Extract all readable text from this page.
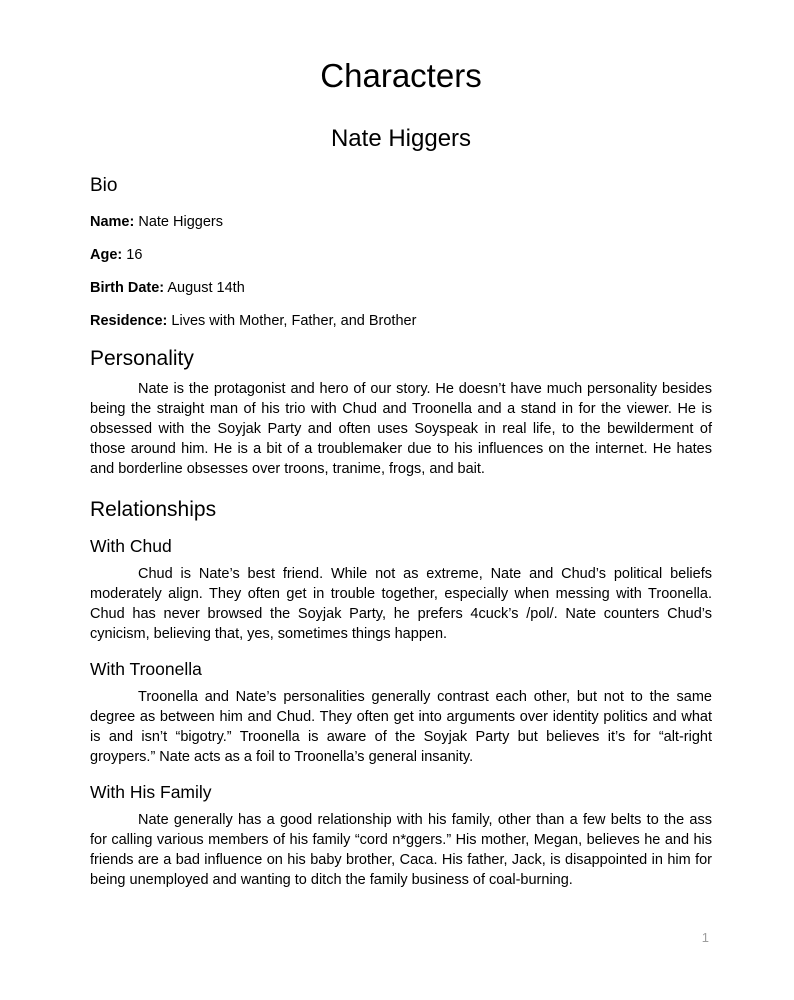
Characters
Nate Higgers
Bio
Name: Nate Higgers
Age: 16
Birth Date: August 14th
Residence: Lives with Mother, Father, and Brother
Personality

Nate is the protagonist and hero of our story. He doesn’t have much personality besides being the straight man of his trio with Chud and Troonella and a stand in for the viewer. He is obsessed with the Soyjak Party and often uses Soyspeak in real life, to the bewilderment of those around him. He is a bit of a troublemaker due to his influences on the internet. He hates and borderline obsesses over troons, tranime, frogs, and bait.

Relationships
With Chud

Chud is Nate’s best friend. While not as extreme, Nate and Chud’s political beliefs moderately align. They often get in trouble together, especially when messing with Troonella. Chud has never browsed the Soyjak Party, he prefers 4cuck’s /pol/. Nate counters Chud’s cynicism, believing that, yes, sometimes things happen.

With Troonella

Troonella and Nate’s personalities generally contrast each other, but not to the same degree as between him and Chud. They often get into arguments over identity politics and what is and isn’t “bigotry.” Troonella is aware of the Soyjak Party but believes it’s for “alt-right groypers.” Nate acts as a foil to Troonella’s general insanity.

With His Family

Nate generally has a good relationship with his family, other than a few belts to the ass for calling various members of his family “cord n*ggers.” His mother, Megan, believes he and his friends are a bad influence on his baby brother, Caca. His father, Jack, is disappointed in him for being unemployed and wanting to ditch the family business of coal-burning.

1
